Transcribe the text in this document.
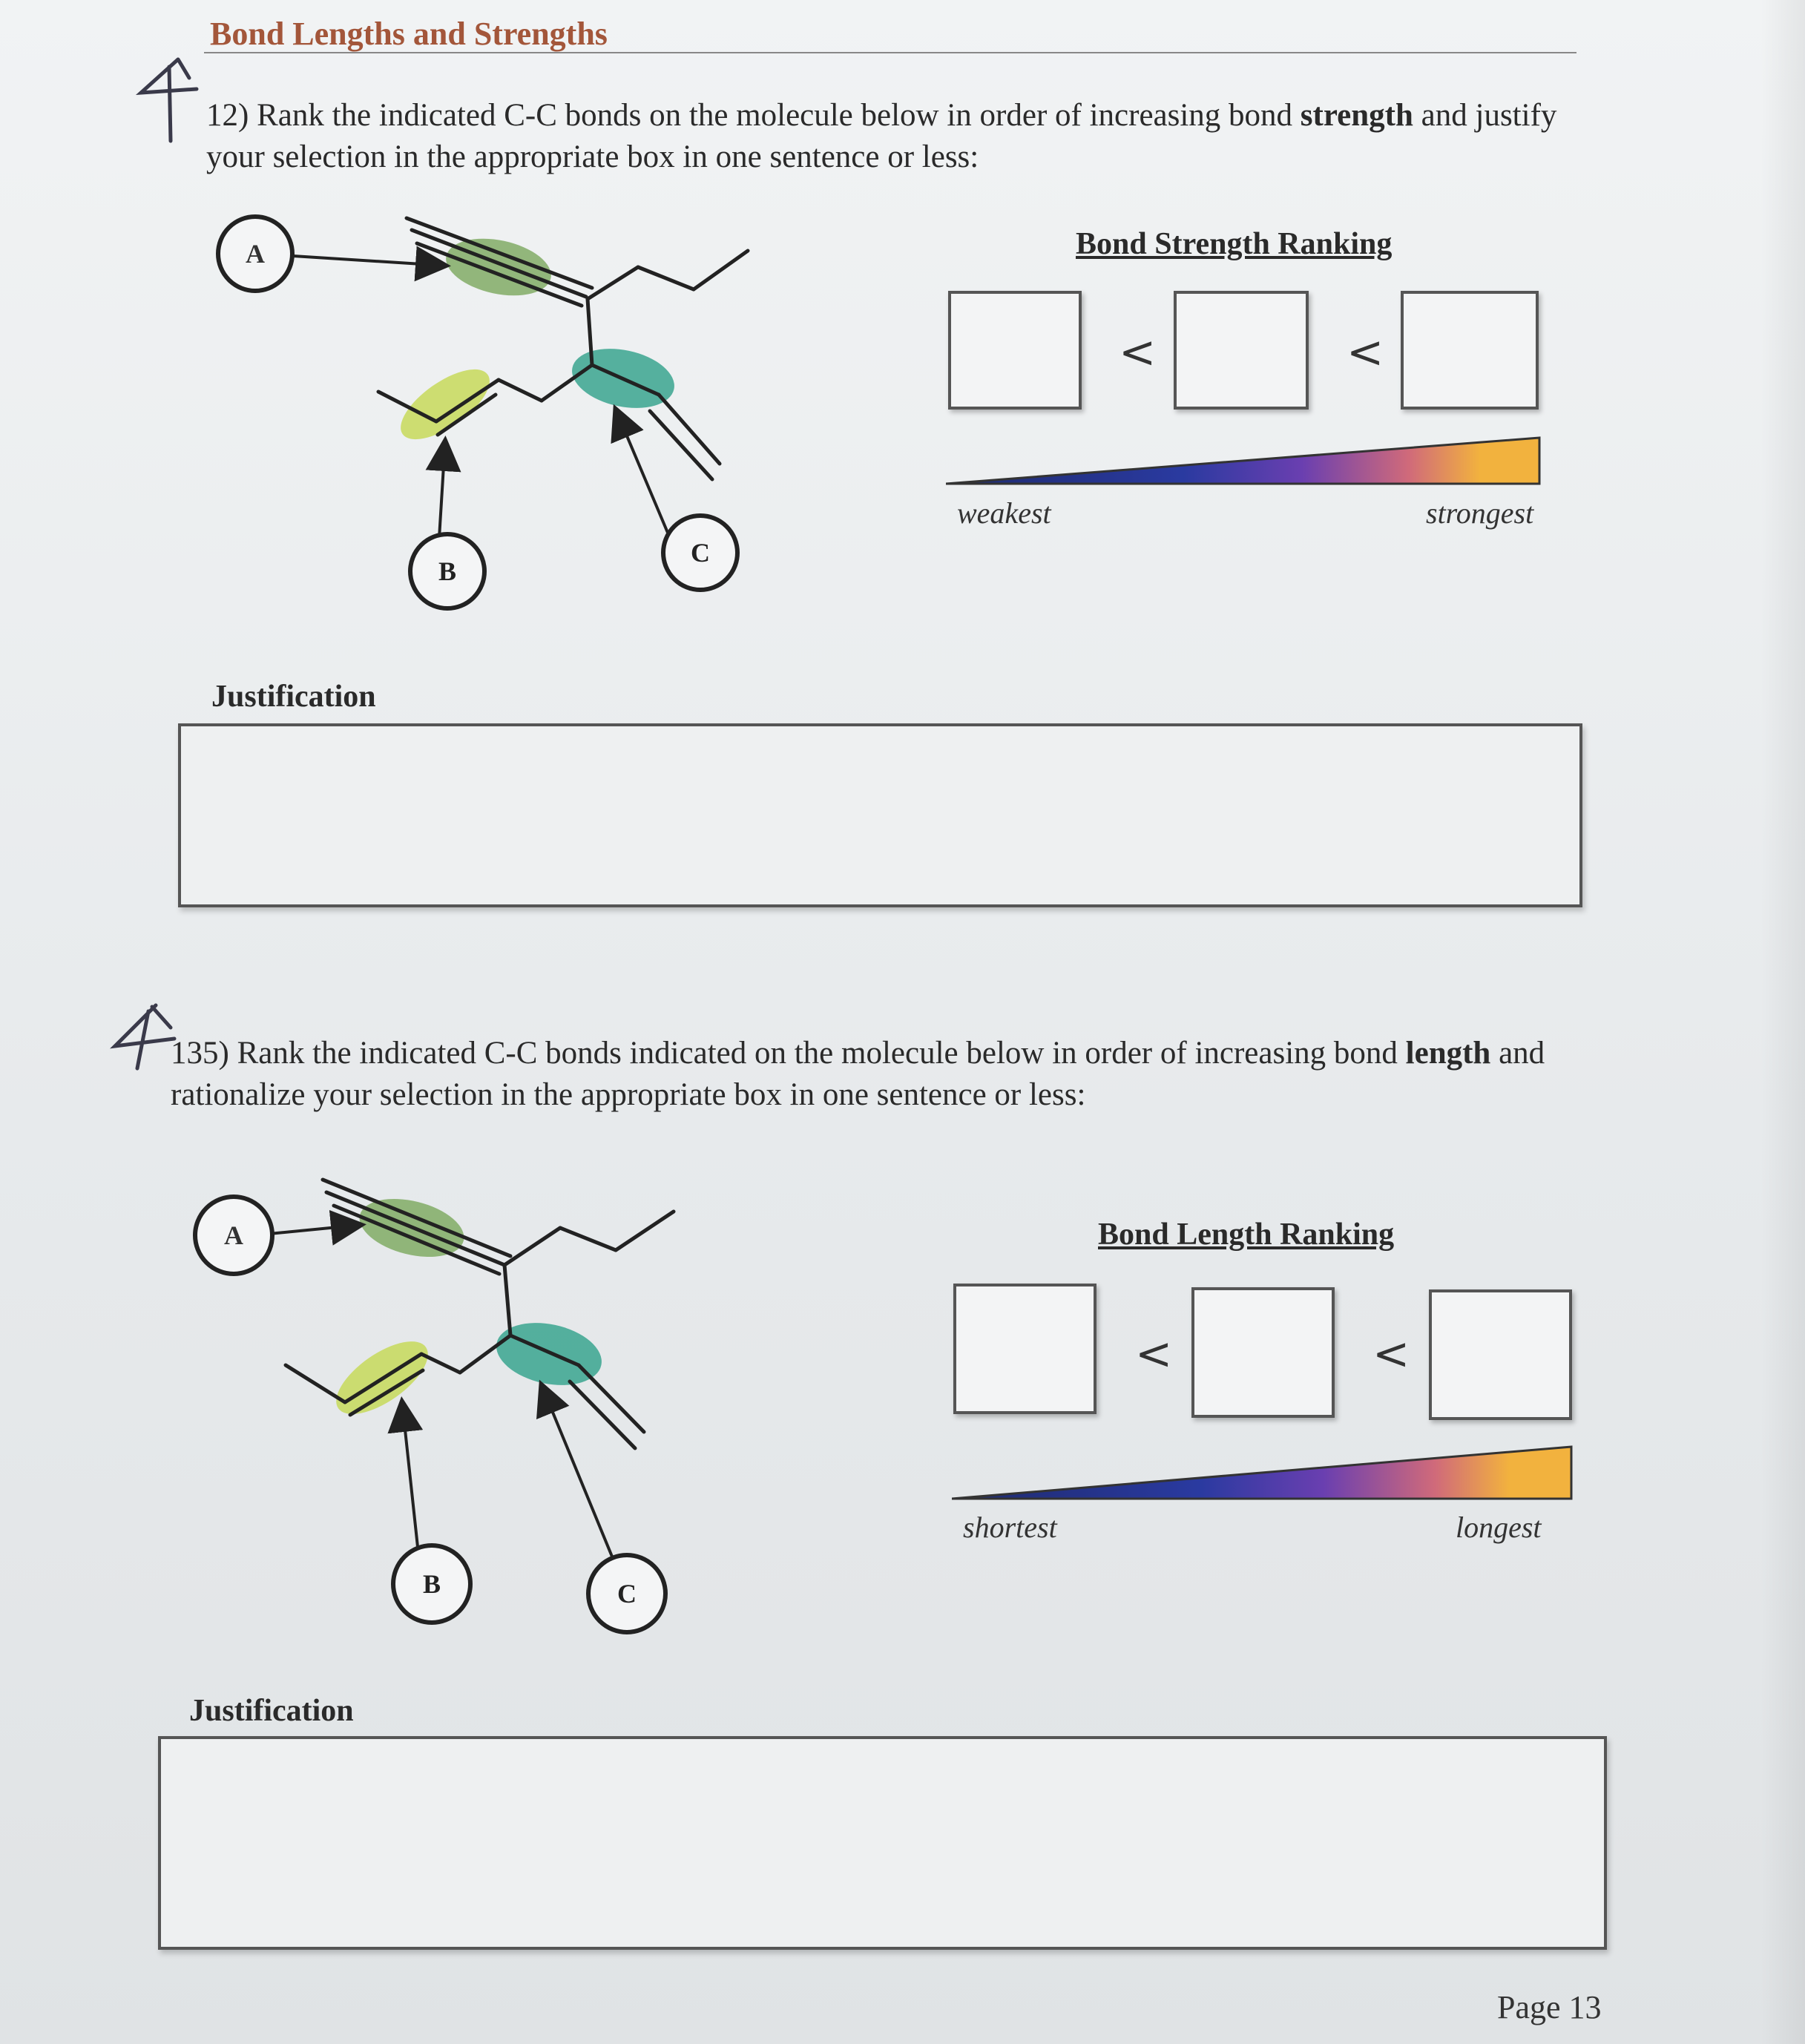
Bond Lengths and Strengths
12) Rank the indicated C-C bonds on the molecule below in order of increasing bond strength and justify your selection in the appropriate box in one sentence or less:
A
B
C
Bond Strength Ranking
<	<
weakest	strongest
Justification
135) Rank the indicated C-C bonds indicated on the molecule below in order of increasing bond length and rationalize your selection in the appropriate box in one sentence or less:
A
B	C
Bond Length Ranking
<	<
shortest	longest
Justification
Page 13
